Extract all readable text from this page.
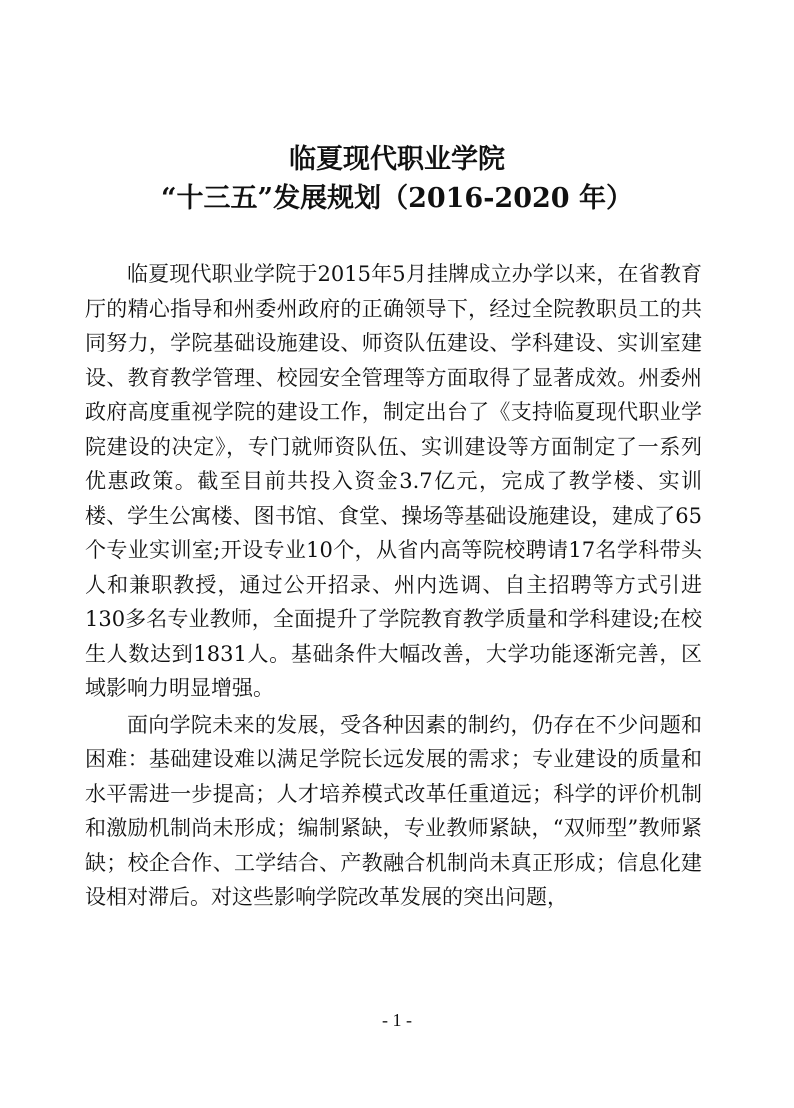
临夏现代职业学院
“十三五”发展规划（2016-2020 年）

临夏现代职业学院于2015年5月挂牌成立办学以来，在省教育厅的精心指导和州委州政府的正确领导下，经过全院教职员工的共同努力，学院基础设施建设、师资队伍建设、学科建设、实训室建设、教育教学管理、校园安全管理等方面取得了显著成效。州委州政府高度重视学院的建设工作，制定出台了《支持临夏现代职业学院建设的决定》，专门就师资队伍、实训建设等方面制定了一系列优惠政策。截至目前共投入资金3.7亿元，完成了教学楼、实训楼、学生公寓楼、图书馆、食堂、操场等基础设施建设，建成了65个专业实训室;开设专业10个，从省内高等院校聘请17名学科带头人和兼职教授，通过公开招录、州内选调、自主招聘等方式引进130多名专业教师，全面提升了学院教育教学质量和学科建设;在校生人数达到1831人。基础条件大幅改善，大学功能逐渐完善，区域影响力明显增强。

面向学院未来的发展，受各种因素的制约，仍存在不少问题和困难：基础建设难以满足学院长远发展的需求；专业建设的质量和水平需进一步提高；人才培养模式改革任重道远；科学的评价机制和激励机制尚未形成；编制紧缺，专业教师紧缺，“双师型”教师紧缺；校企合作、工学结合、产教融合机制尚未真正形成；信息化建设相对滞后。对这些影响学院改革发展的突出问题，

- 1 -
